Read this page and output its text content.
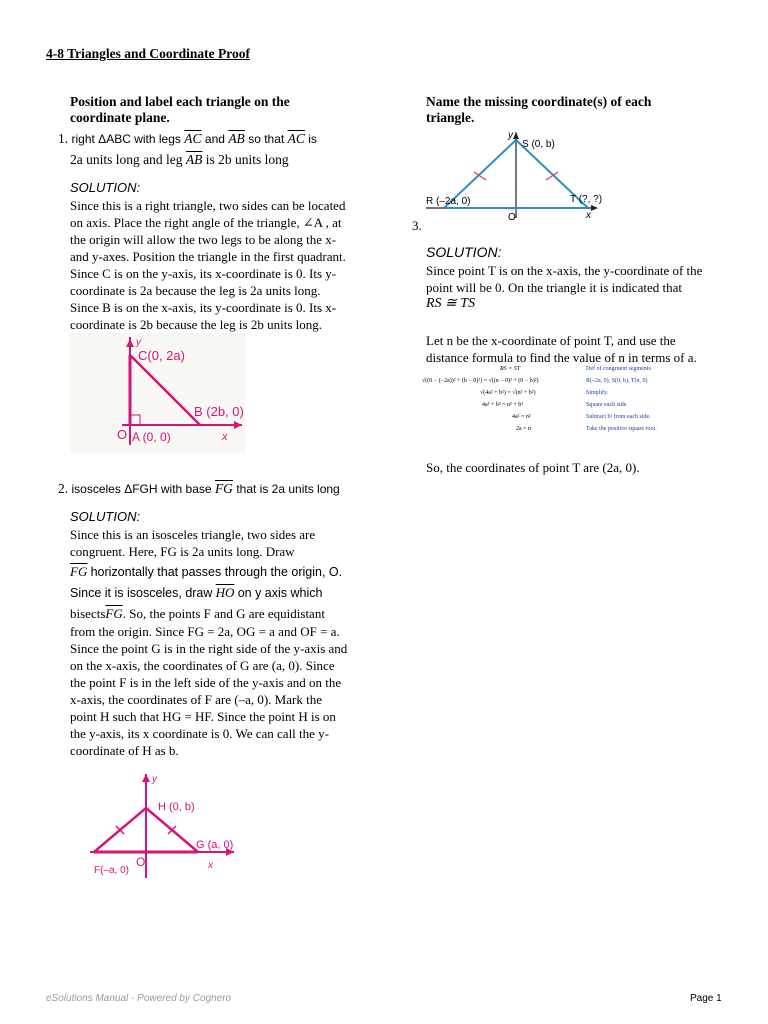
4-8 Triangles and Coordinate Proof
Position and label each triangle on the
coordinate plane.
1. right ΔABC with legs $\overline{AC}$ and $\overline{AB}$ so that $\overline{AC}$ is
2a units long and leg $\overline{AB}$ is 2b units long
SOLUTION:
Since this is a right triangle, two sides can be located
on axis. Place the right angle of the triangle, ∠A , at
the origin will allow the two legs to be along the x-
and y-axes. Position the triangle in the first quadrant.
Since C is on the y-axis, its x-coordinate is 0. Its y-
coordinate is 2a because the leg is 2a units long.
Since B is on the x-axis, its y-coordinate is 0. Its x-
coordinate is 2b because the leg is 2b units long.
y
C(0, 2a)
B (2b, 0)
O A (0, 0)	x
2. isosceles ΔFGH with base $\overline{FG}$ that is 2a units long
SOLUTION:
Since this is an isosceles triangle, two sides are
congruent. Here, FG is 2a units long. Draw
$\overline{FG}$ horizontally that passes through the origin, O.
Since it is isosceles, draw $\overline{HO}$ on y axis which
$bisects\overline{FG}$. So, the points F and G are equidistant
from the origin. Since FG = 2a, OG = a and OF = a.
Since the point G is in the right side of the y-axis and
on the x-axis, the coordinates of G are (a, 0). Since
the point F is in the left side of the y-axis and on the
x-axis, the coordinates of F are (–a, 0). Mark the
point H such that HG = HF. Since the point H is on
the y-axis, its x coordinate is 0. We can call the y-
coordinate of H as b.
y
H (0, b)
G (a, 0)
O
F(–a, 0)	x
Name the missing coordinate(s) of each
triangle.
y
S (0, b)
R (–2a, 0)	T (?, ?)
O	x
3.
SOLUTION:
Since point T is on the x-axis, the y-coordinate of the
point will be 0. On the triangle it is indicated that
RS ≅ TS
Let n be the x-coordinate of point T, and use the
distance formula to find the value of n in terms of a.
RS = ST	Def of congruent segments
√((0 − (−2a))² + (b − 0)²) = √((n − 0)² + (0 − b)²)	R(–2a, 0), S(0, b), T(n, 0)
√(4a² + b²) = √(n² + b²)	Simplify.
4a² + b² = n² + b²	Square each side.
4a² = n²	Subtract b² from each side.
2a = n	Take the positive square root.
So, the coordinates of point T are (2a, 0).
eSolutions Manual - Powered by Cognero	Page 1
